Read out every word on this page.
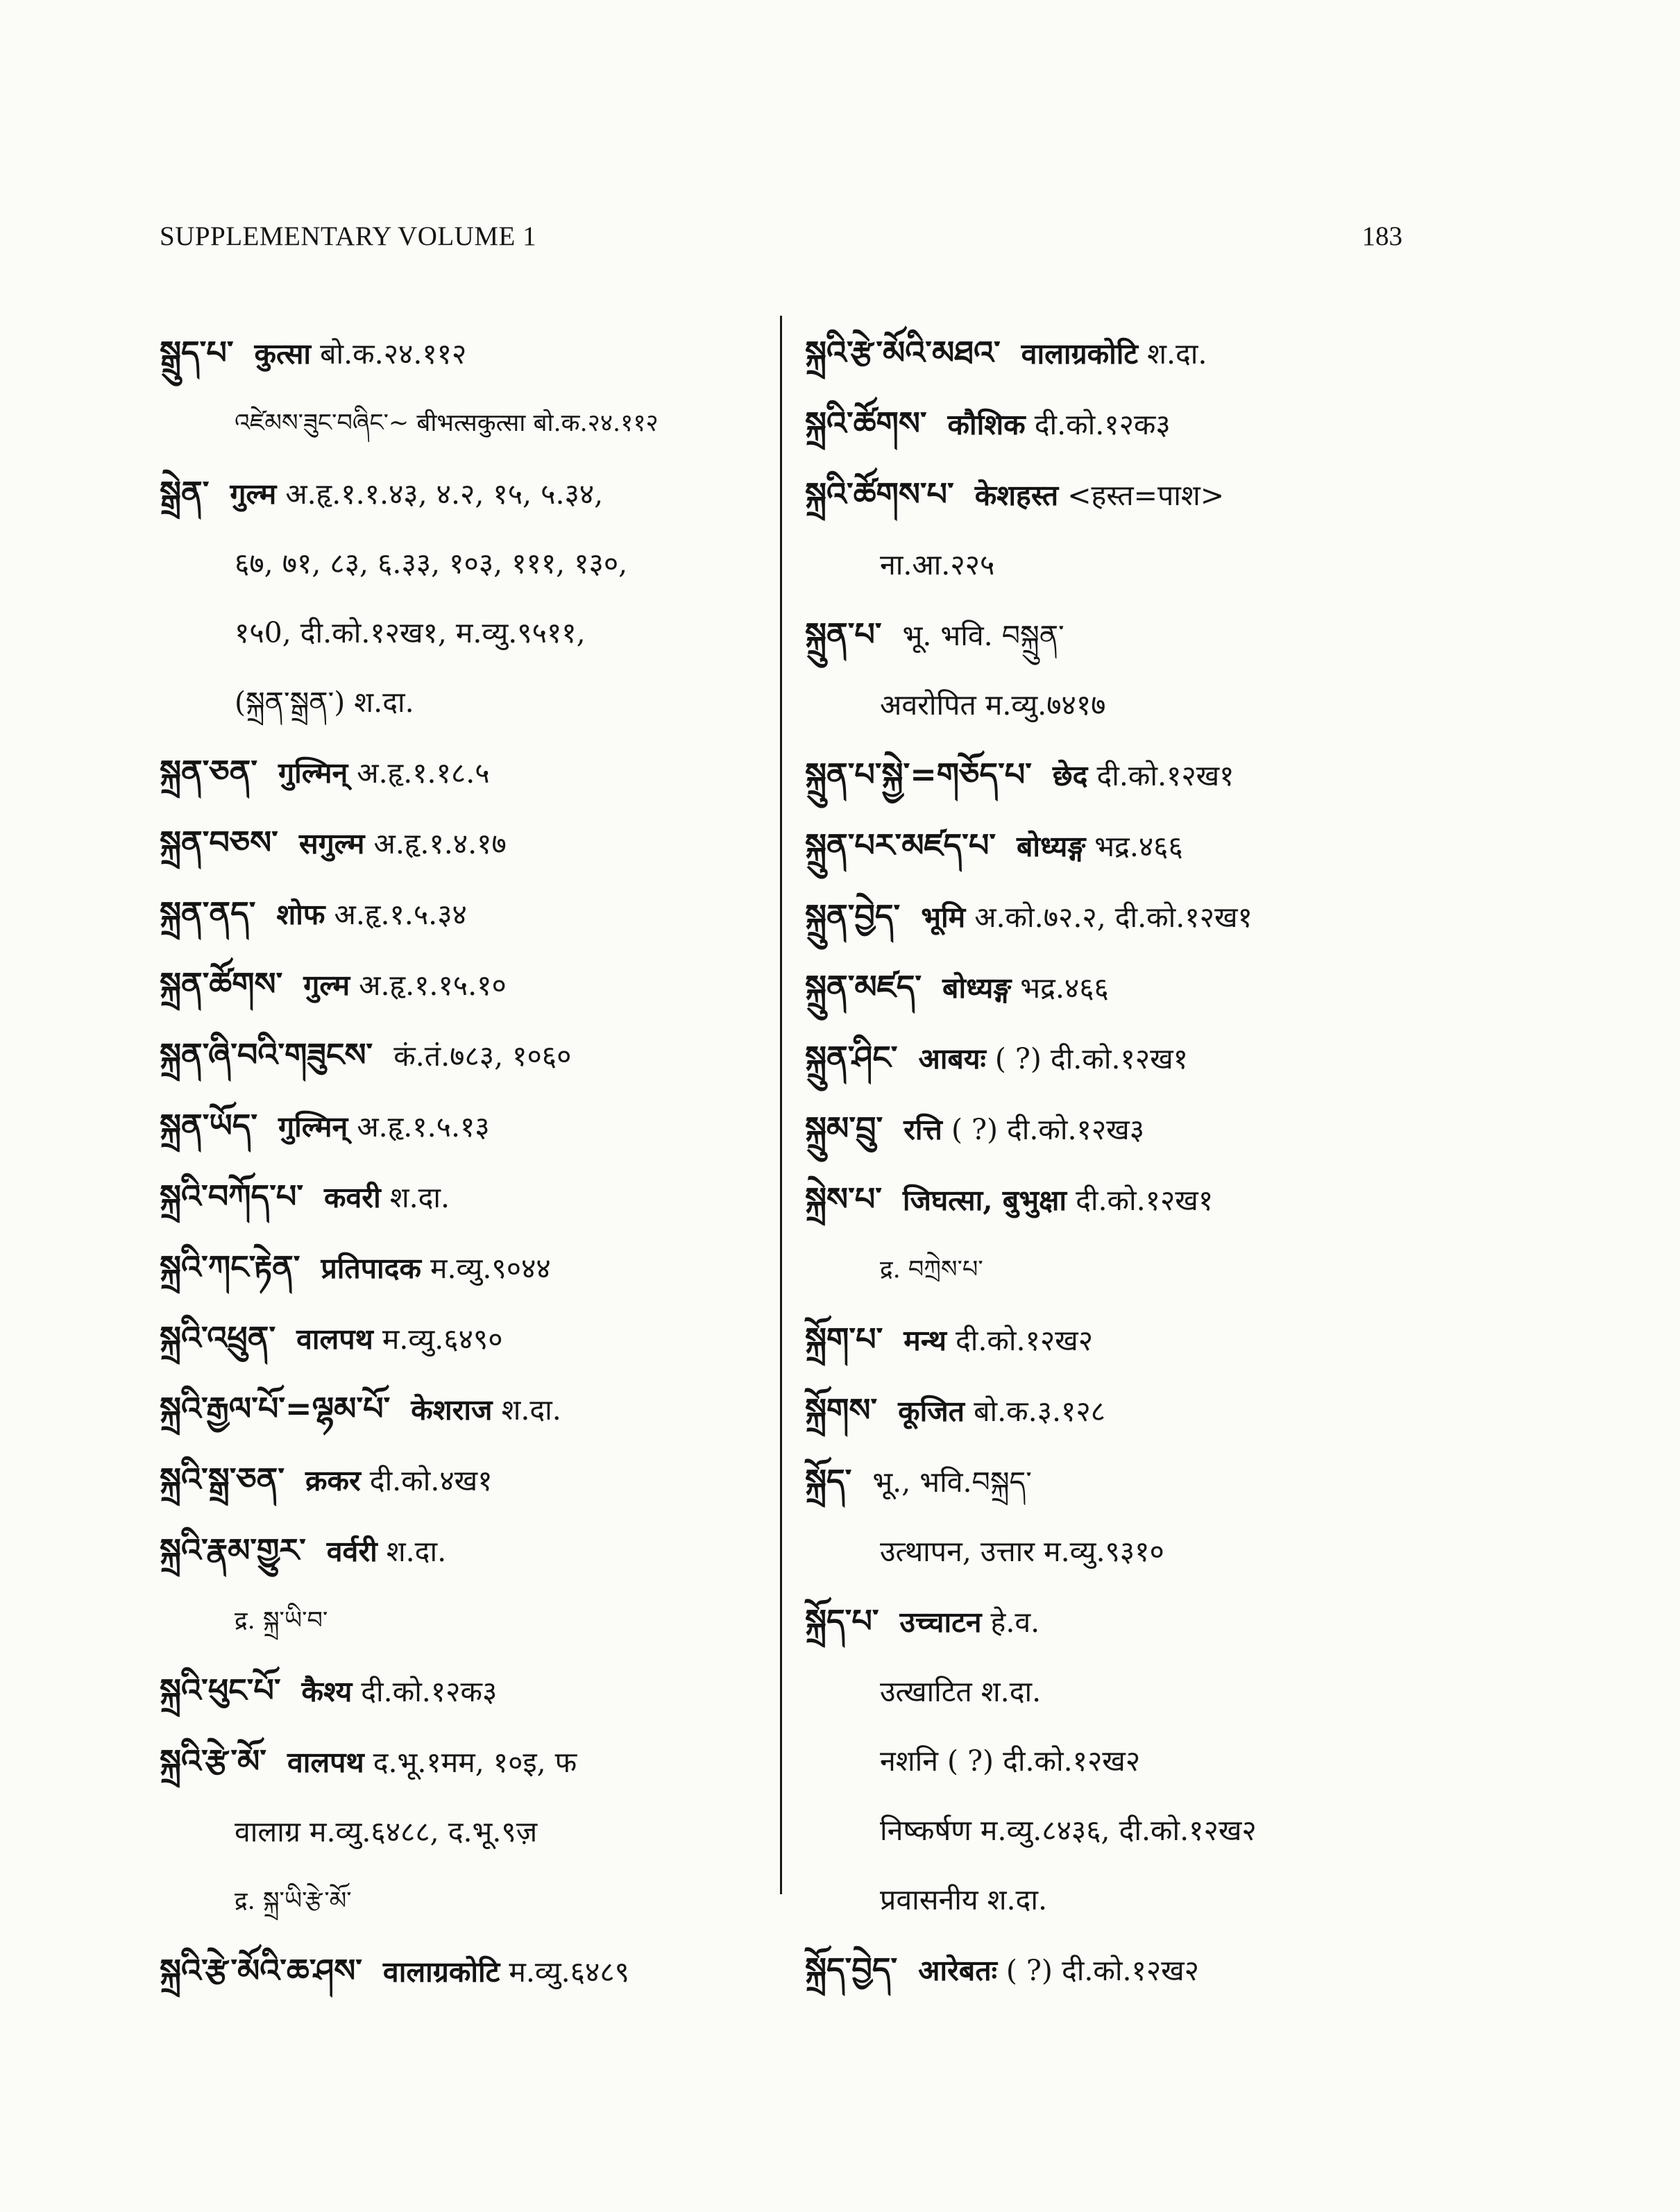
SUPPLEMENTARY VOLUME 1	183
སྒྲུད་པ་ कुत्सा बो.क.२४.११२
འཛེམས་ཟུང་བཞིང་~ बीभत्सकुत्सा बो.क.२४.११२
སྒྲེན་ गुल्म अ.हृ.१.१.४३, ४.२, १५, ५.३४,
६७, ७१, ८३, ६.३३, १०३, १११, १३०,
१५0, दी.को.१२ख१, म.व्यु.९५११,
(སྐྲན་སྒྲན་) श.दा.
སྐྲན་ཅན་ गुल्मिन् अ.हृ.१.१८.५
སྐྲན་བཅས་ सगुल्म अ.हृ.१.४.१७
སྐྲན་ནད་ शोफ अ.हृ.१.५.३४
སྐྲན་ཚོགས་ गुल्म अ.हृ.१.१५.१०
སྐྲན་ཞི་བའི་གཟུངས་ कं.तं.७८३, १०६०
སྐྲན་ཡོད་ गुल्मिन् अ.हृ.१.५.१३
སྐྲའི་བཀོད་པ་ कवरी श.दा.
སྐྲའི་ཀང་རྟེན་ प्रतिपादक म.व्यु.९०४४
སྐྲའི་འཕྲུན་ वालपथ म.व्यु.६४९०
སྐྲའི་རྒྱལ་པོ་=ལྷམ་པོ་ केशराज श.दा.
སྐྲའི་སྒྲ་ཅན་ क्रकर दी.को.४ख१
སྐྲའི་རྣམ་གྱུར་ वर्वरी श.दा.
द्र. སྐྲ་ཡི་བ་
སྐྲའི་ཕུང་པོ་ कैश्य दी.को.१२क३
སྐྲའི་རྩེ་མོ་ वालपथ द.भू.१मम, १०इ, फ
वालाग्र म.व्यु.६४८८, द.भू.९ज़
द्र. སྐྲ་ཡི་རྩེ་མོ་
སྐྲའི་རྩེ་མོའི་ཆ་ཤས་ वालाग्रकोटि म.व्यु.६४८९
སྐྲའི་རྩེ་མོའི་མཐའ་ वालाग्रकोटि श.दा.
སྐྲའི་ཚོགས་ कौशिक दी.को.१२क३
སྐྲའི་ཚོགས་པ་ केशहस्त <हस्त=पाश>
ना.आ.२२५
སྐྲུན་པ་ भू. भवि. བསྐྲུན་
अवरोपित म.व्यु.७४१७
སྐྲུན་པ་སྐྱེ་=གཅོད་པ་ छेद दी.को.१२ख१
སྐྲུན་པར་མཛད་པ་ बोध्यङ्ग भद्र.४६६
སྐྲུན་བྱེད་ भूमि अ.को.७२.२, दी.को.१२ख१
སྐྲུན་མཛད་ बोध्यङ्ग भद्र.४६६
སྐྲུན་ཤིང་ आबयः ( ?) दी.को.१२ख१
སྐྲུམ་བྲུ་ रत्ति ( ?) दी.को.१२ख३
སྐྲེས་པ་ जिघत्सा, बुभुक्षा दी.को.१२ख१
द्र. བཀྲེས་པ་
སྐྲོག་པ་ मन्थ दी.को.१२ख२
སྐྲོགས་ कूजित बो.क.३.१२८
སྐྲོད་ भू., भवि.བསྐྲད་
उत्थापन, उत्तार म.व्यु.९३१०
སྐྲོད་པ་ उच्चाटन हे.व.
उत्खाटित श.दा.
नशनि ( ?) दी.को.१२ख२
निष्कर्षण म.व्यु.८४३६, दी.को.१२ख२
प्रवासनीय श.दा.
སྐྲོད་བྱེད་ आरेबतः ( ?) दी.को.१२ख२
